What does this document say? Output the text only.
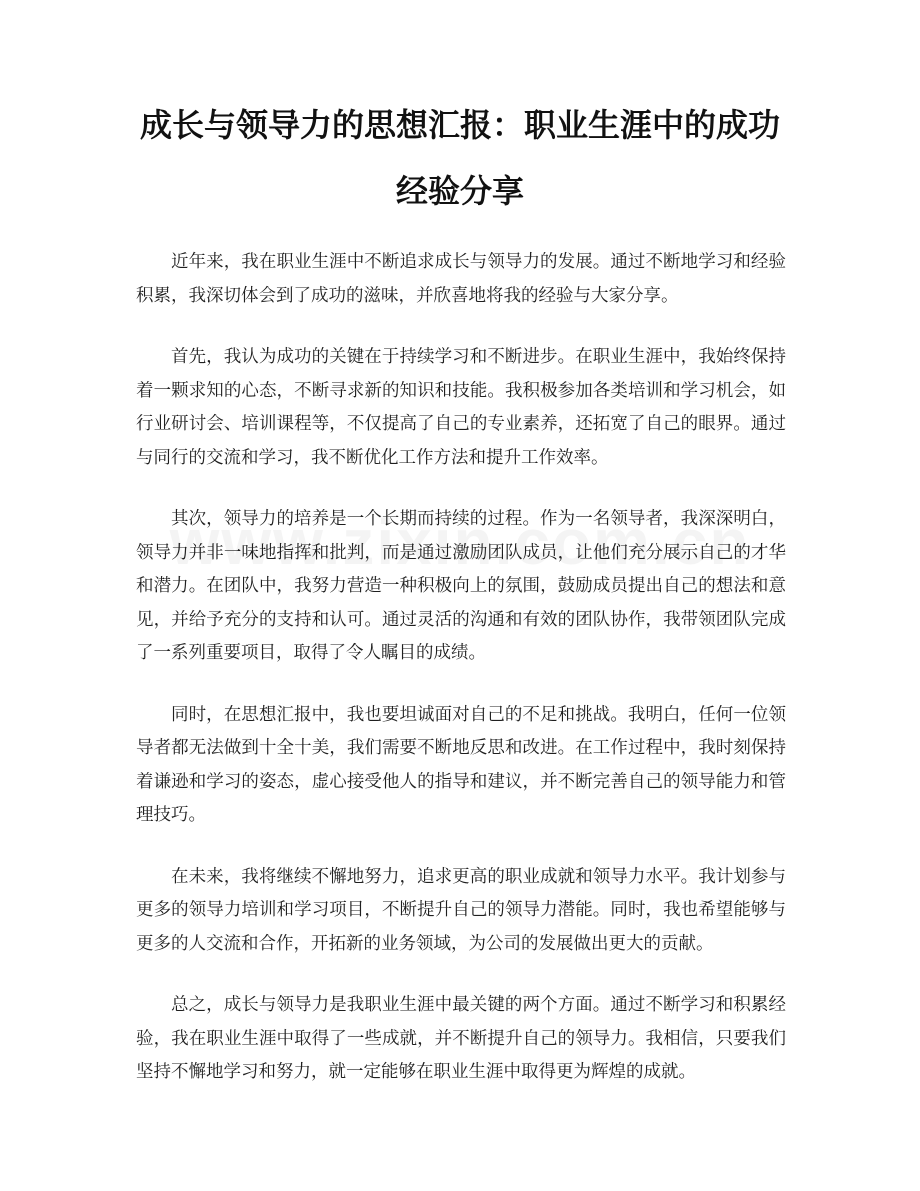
成长与领导力的思想汇报：职业生涯中的成功经验分享

近年来，我在职业生涯中不断追求成长与领导力的发展。通过不断地学习和经验积累，我深切体会到了成功的滋味，并欣喜地将我的经验与大家分享。

首先，我认为成功的关键在于持续学习和不断进步。在职业生涯中，我始终保持着一颗求知的心态，不断寻求新的知识和技能。我积极参加各类培训和学习机会，如行业研讨会、培训课程等，不仅提高了自己的专业素养，还拓宽了自己的眼界。通过与同行的交流和学习，我不断优化工作方法和提升工作效率。

其次，领导力的培养是一个长期而持续的过程。作为一名领导者，我深深明白，领导力并非一味地指挥和批判，而是通过激励团队成员，让他们充分展示自己的才华和潜力。在团队中，我努力营造一种积极向上的氛围，鼓励成员提出自己的想法和意见，并给予充分的支持和认可。通过灵活的沟通和有效的团队协作，我带领团队完成了一系列重要项目，取得了令人瞩目的成绩。

同时，在思想汇报中，我也要坦诚面对自己的不足和挑战。我明白，任何一位领导者都无法做到十全十美，我们需要不断地反思和改进。在工作过程中，我时刻保持着谦逊和学习的姿态，虚心接受他人的指导和建议，并不断完善自己的领导能力和管理技巧。

在未来，我将继续不懈地努力，追求更高的职业成就和领导力水平。我计划参与更多的领导力培训和学习项目，不断提升自己的领导力潜能。同时，我也希望能够与更多的人交流和合作，开拓新的业务领域，为公司的发展做出更大的贡献。

总之，成长与领导力是我职业生涯中最关键的两个方面。通过不断学习和积累经验，我在职业生涯中取得了一些成就，并不断提升自己的领导力。我相信，只要我们坚持不懈地学习和努力，就一定能够在职业生涯中取得更为辉煌的成就。
